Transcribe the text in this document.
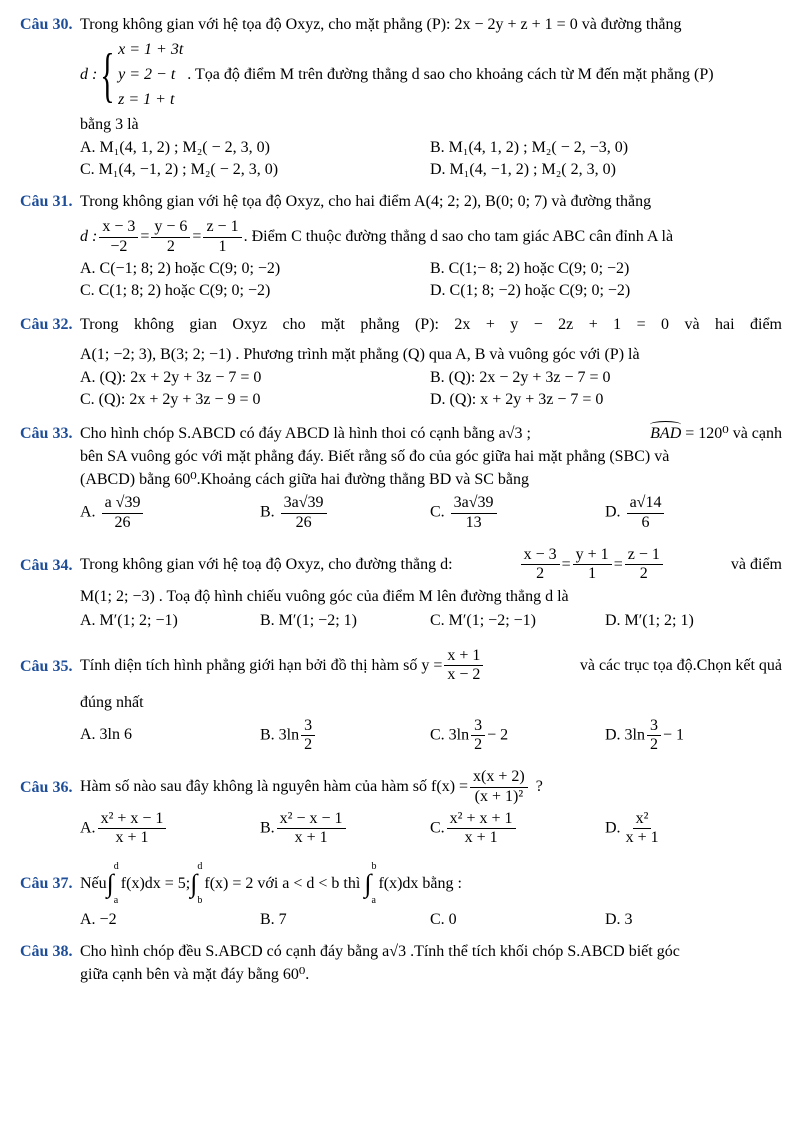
Câu 30. Trong không gian với hệ tọa độ Oxyz, cho mặt phẳng (P): 2x − 2y + z + 1 = 0 và đường thẳng
d : { x = 1 + 3t
y = 2 − t
z = 1 + t
. Tọa độ điểm M trên đường thẳng d sao cho khoảng cách từ M đến mặt phẳng (P)
bằng 3 là
A. M₁(4, 1, 2) ; M₂( − 2, 3, 0)	B. M₁(4, 1, 2) ; M₂( − 2, −3, 0)
C. M₁(4, −1, 2) ; M₂( − 2, 3, 0)	D. M₁(4, −1, 2) ; M₂( 2, 3, 0)
Câu 31. Trong không gian với hệ tọa độ Oxyz, cho hai điểm A(4; 2; 2), B(0; 0; 7) và đường thẳng
d : $\frac{x - 3}{-2} = \frac{y - 6}{2} = \frac{z - 1}{1}$ . Điểm C thuộc đường thẳng d sao cho tam giác ABC cân đỉnh A là
A. C(−1; 8; 2) hoặc C(9; 0; −2)	B. C(1;− 8; 2) hoặc C(9; 0; −2)
C. C(1; 8; 2) hoặc C(9; 0; −2)	D. C(1; 8; −2) hoặc C(9; 0; −2)
Câu 32. Trong không gian Oxyz cho mặt phẳng (P): 2x + y − 2z + 1 = 0 và hai điểm
A(1; −2; 3), B(3; 2; −1) . Phương trình mặt phẳng (Q) qua A, B và vuông góc với (P) là
A. (Q): 2x + 2y + 3z − 7 = 0	B. (Q): 2x − 2y + 3z − 7 = 0
C. (Q): 2x + 2y + 3z − 9 = 0	D. (Q): x + 2y + 3z − 7 = 0
Câu 33. Cho hình chóp S.ABCD có đáy ABCD là hình thoi có cạnh bằng a√3 ;	BAD = 120⁰ và cạnh
bên SA vuông góc với mặt phẳng đáy. Biết rằng số đo của góc giữa hai mặt phẳng (SBC) và
(ABCD) bằng 60⁰.Khoảng cách giữa hai đường thẳng BD và SC bằng
A. $\frac{a √39}{26}$	B. $\frac{3a√39}{26}$	C. $\frac{3a√39}{13}$	D. $\frac{a√14}{6}$
Câu 34. Trong không gian với hệ toạ độ Oxyz, cho đường thẳng d:	$\frac{x - 3}{2} = \frac{y + 1}{1} = \frac{z - 1}{2}$	và điểm
M(1; 2; −3) . Toạ độ hình chiếu vuông góc của điểm M lên đường thẳng d là
A. M′(1; 2; −1)	B. M′(1; −2; 1)	C. M′(1; −2; −1)	D. M′(1; 2; 1)
Câu 35. Tính diện tích hình phẳng giới hạn bởi đồ thị hàm số $y = \frac{x + 1}{x - 2}$	và các trục tọa độ.Chọn kết quả
đúng nhất
A. 3ln 6	B. $3\ln \frac{3}{2}$	C. $3\ln \frac{3}{2} - 2$	D. $3\ln \frac{3}{2} - 1$
Câu 36. Hàm số nào sau đây không là nguyên hàm của hàm số $f(x) = \frac{x(x + 2)}{\text{(x + 1)²}}$ ?
A. $\frac{\text{x² + x − 1}}{x + 1}$	B. $\frac{\text{x² − x − 1}}{x + 1}$	C. $\frac{\text{x² + x + 1}}{x + 1}$	D. $\frac{\text{x²}}{x + 1}$
Câu 37. Nếu ∫
d
a
f(x)dx = 5; ∫
d
b
f(x) = 2 với a < d < b thì ∫
b
a
f(x)dx bằng :
A. −2	B. 7	C. 0	D. 3
Câu 38. Cho hình chóp đều S.ABCD có cạnh đáy bằng a√3 .Tính thể tích khối chóp S.ABCD biết góc
giữa cạnh bên và mặt đáy bằng 60⁰.
